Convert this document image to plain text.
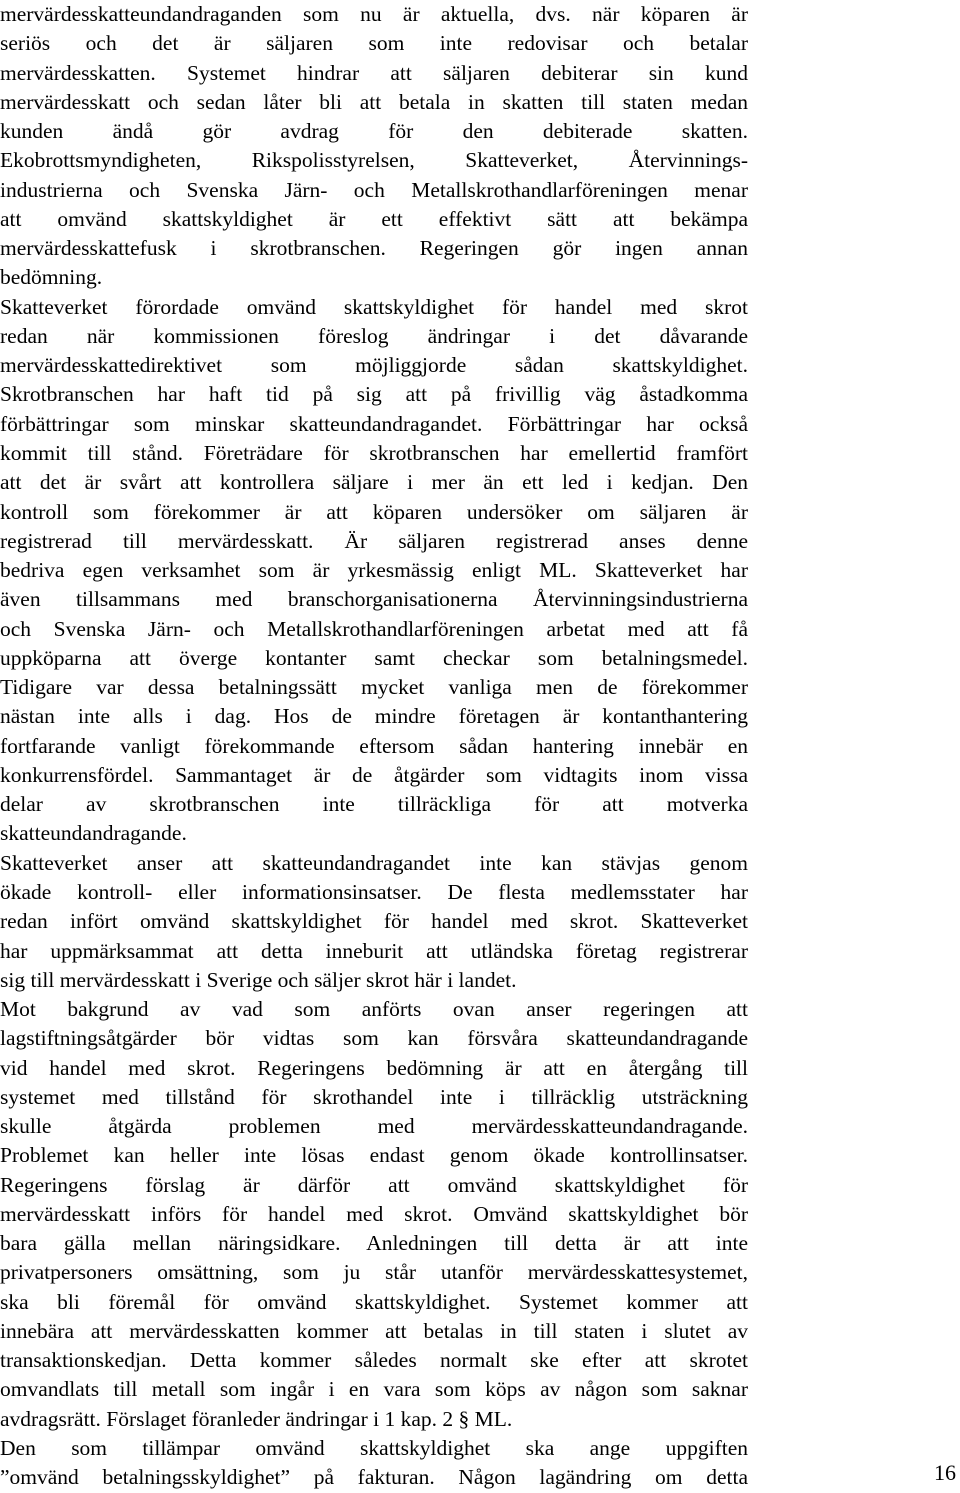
mervärdesskatteundandraganden som nu är aktuella, dvs. när köparen är
seriös och det är säljaren som inte redovisar och betalar
mervärdesskatten. Systemet hindrar att säljaren debiterar sin kund
mervärdesskatt och sedan låter bli att betala in skatten till staten medan
kunden ändå gör avdrag för den debiterade skatten.
Ekobrottsmyndigheten, Rikspolisstyrelsen, Skatteverket, Återvinnings-
industrierna och Svenska Järn- och Metallskrothandlarföreningen menar
att omvänd skattskyldighet är ett effektivt sätt att bekämpa
mervärdesskattefusk i skrotbranschen. Regeringen gör ingen annan
bedömning.
Skatteverket förordade omvänd skattskyldighet för handel med skrot
redan när kommissionen föreslog ändringar i det dåvarande
mervärdesskattedirektivet som möjliggjorde sådan skattskyldighet.
Skrotbranschen har haft tid på sig att på frivillig väg åstadkomma
förbättringar som minskar skatteundandragandet. Förbättringar har också
kommit till stånd. Företrädare för skrotbranschen har emellertid framfört
att det är svårt att kontrollera säljare i mer än ett led i kedjan. Den
kontroll som förekommer är att köparen undersöker om säljaren är
registrerad till mervärdesskatt. Är säljaren registrerad anses denne
bedriva egen verksamhet som är yrkesmässig enligt ML. Skatteverket har
även tillsammans med branschorganisationerna Återvinningsindustrierna
och Svenska Järn- och Metallskrothandlarföreningen arbetat med att få
uppköparna att överge kontanter samt checkar som betalningsmedel.
Tidigare var dessa betalningssätt mycket vanliga men de förekommer
nästan inte alls i dag. Hos de mindre företagen är kontanthantering
fortfarande vanligt förekommande eftersom sådan hantering innebär en
konkurrensfördel. Sammantaget är de åtgärder som vidtagits inom vissa
delar av skrotbranschen inte tillräckliga för att motverka
skatteundandragande.
Skatteverket anser att skatteundandragandet inte kan stävjas genom
ökade kontroll- eller informationsinsatser. De flesta medlemsstater har
redan infört omvänd skattskyldighet för handel med skrot. Skatteverket
har uppmärksammat att detta inneburit att utländska företag registrerar
sig till mervärdesskatt i Sverige och säljer skrot här i landet.
Mot bakgrund av vad som anförts ovan anser regeringen att
lagstiftningsåtgärder bör vidtas som kan försvåra skatteundandragande
vid handel med skrot. Regeringens bedömning är att en återgång till
systemet med tillstånd för skrothandel inte i tillräcklig utsträckning
skulle åtgärda problemen med mervärdesskatteundandragande.
Problemet kan heller inte lösas endast genom ökade kontrollinsatser.
Regeringens förslag är därför att omvänd skattskyldighet för
mervärdesskatt införs för handel med skrot. Omvänd skattskyldighet bör
bara gälla mellan näringsidkare. Anledningen till detta är att inte
privatpersoners omsättning, som ju står utanför mervärdesskattesystemet,
ska bli föremål för omvänd skattskyldighet. Systemet kommer att
innebära att mervärdesskatten kommer att betalas in till staten i slutet av
transaktionskedjan. Detta kommer således normalt ske efter att skrotet
omvandlats till metall som ingår i en vara som köps av någon som saknar
avdragsrätt. Förslaget föranleder ändringar i 1 kap. 2 § ML.
Den som tillämpar omvänd skattskyldighet ska ange uppgiften
”omvänd betalningsskyldighet” på fakturan. Någon lagändring om detta	16
